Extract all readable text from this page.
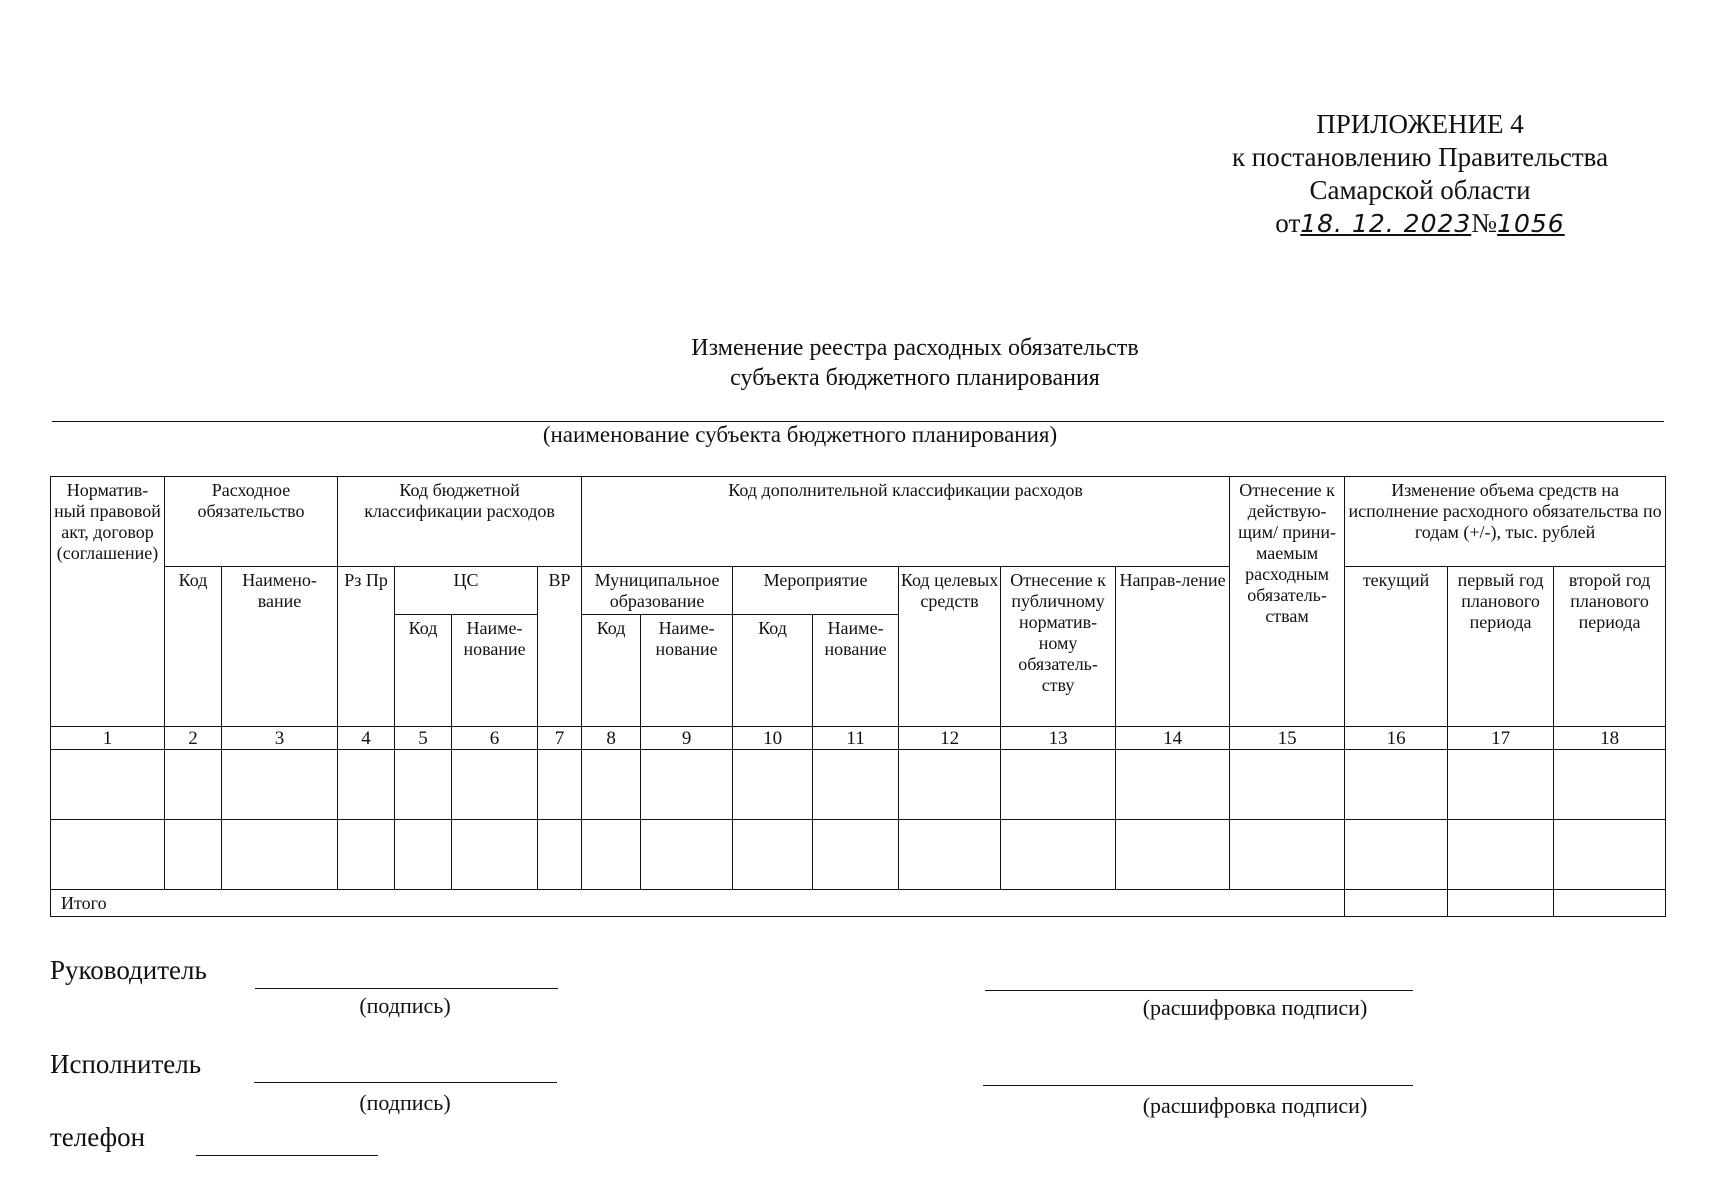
ПРИЛОЖЕНИЕ 4
к постановлению Правительства
Самарской области
от18. 12. 2023№1056
Изменение реестра расходных обязательств
субъекта бюджетного планирования
(наименование субъекта бюджетного планирования)
Норматив-ный правовой акт, договор (соглашение)	Расходное обязательство		Код бюджетной классификации расходов				Код дополнительной классификации расходов							Отнесение к действую-щим/ прини-маемым расходным обязатель-ствам	Изменение объема средств на исполнение расходного обязательства по годам (+/-), тыс. рублей		
	Код	Наимено-вание	Рз Пр	ЦС		ВР	Муниципальное образование		Мероприятие		Код целевых средств	Отнесение к публичному норматив-ному обязатель-ству	Направ-ление		текущий	первый год планового периода	второй год планового периода
				Код	Наиме-нование		Код	Наиме-нование	Код	Наиме-нование							
1	2	3	4	5	6	7	8	9	10	11	12	13	14	15	16	17	18

Итого																	
Руководитель
(подпись)	(расшифровка подписи)
Исполнитель
(подпись)	(расшифровка подписи)
телефон
